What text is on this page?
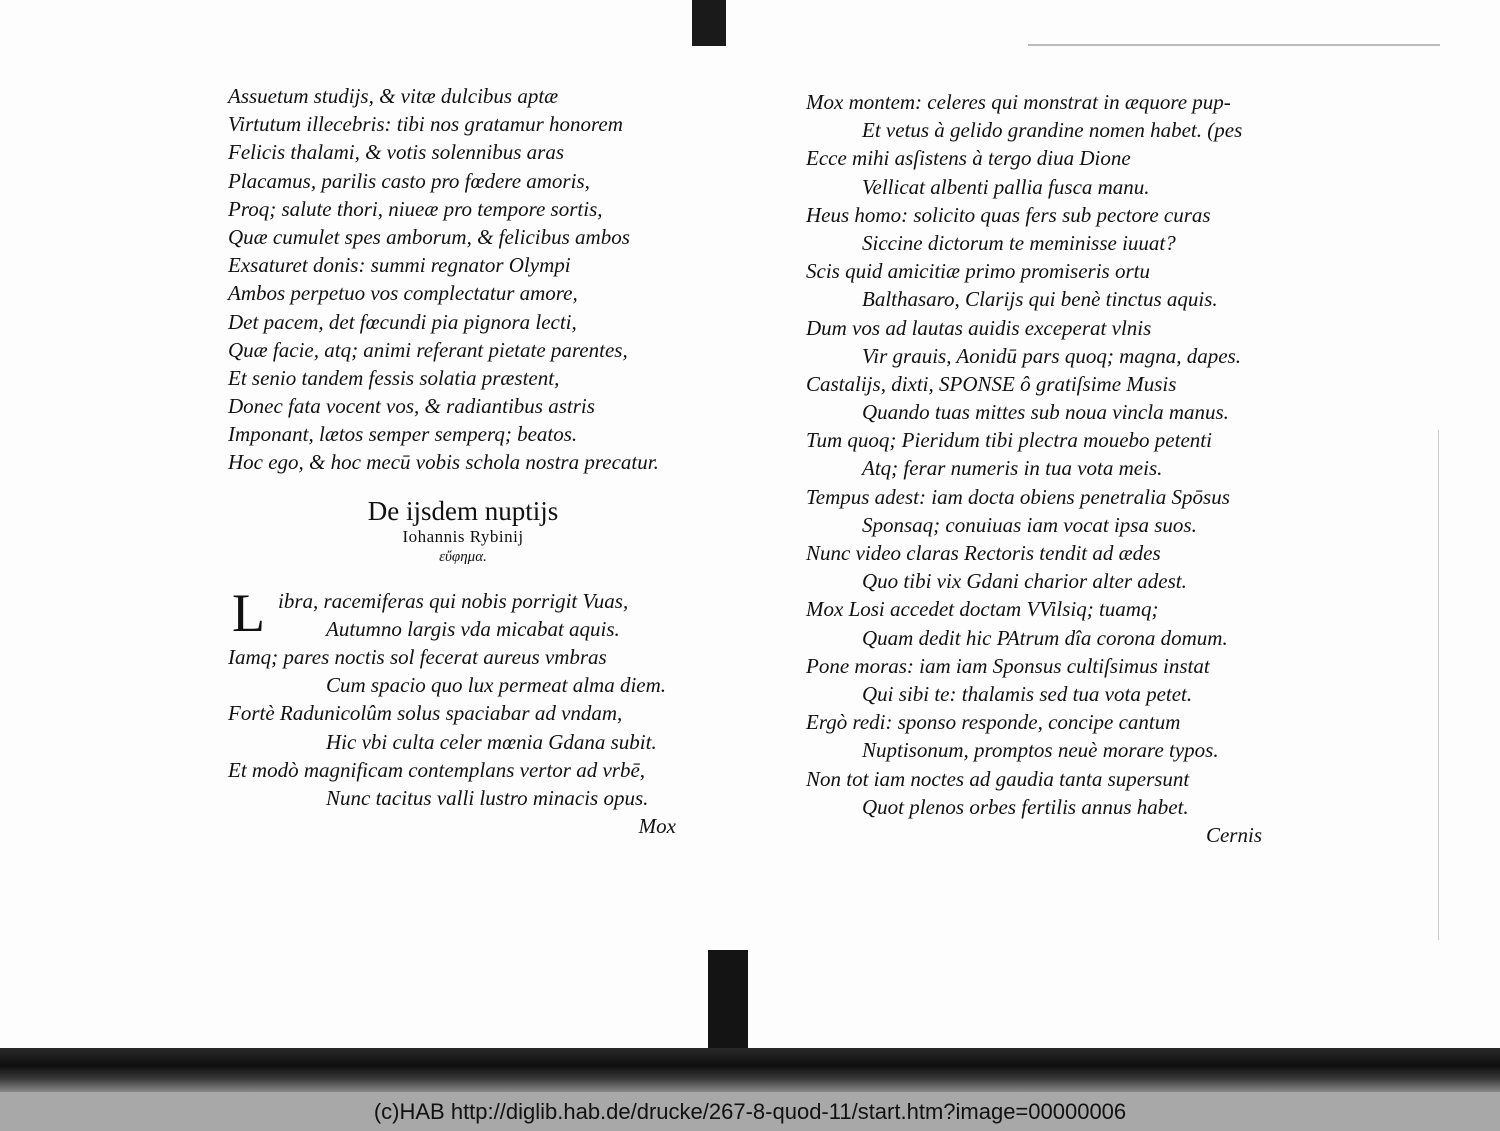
Assuetum studijs, & vitæ dulcibus aptæ
Virtutum illecebris: tibi nos gratamur honorem
Felicis thalami, & votis solennibus aras
Placamus, parilis casto pro fœdere amoris,
Proq; salute thori, niueæ pro tempore sortis,
Quæ cumulet spes amborum, & felicibus ambos
Exsaturet donis: summi regnator Olympi
Ambos perpetuo vos complectatur amore,
Det pacem, det fœcundi pia pignora lecti,
Quæ facie, atq; animi referant pietate parentes,
Et senio tandem fessis solatia præstent,
Donec fata vocent vos, & radiantibus astris
Imponant, lætos semper semperq; beatos.
Hoc ego, & hoc mecū vobis schola nostra precatur.
De ijsdem nuptijs
Iohannis Rybinij
εὔφημα.
L ibra, racemiferas qui nobis porrigit Vuas,
Autumno largis vda micabat aquis.
Iamq; pares noctis sol fecerat aureus vmbras
Cum spacio quo lux permeat alma diem.
Fortè Radunicolûm solus spaciabar ad vndam,
Hic vbi culta celer mœnia Gdana subit.
Et modò magnificam contemplans vertor ad vrbē,
Nunc tacitus valli lustro minacis opus.
Mox
Mox montem: celeres qui monstrat in æquore pup-
Et vetus à gelido grandine nomen habet. (pes
Ecce mihi asſistens à tergo diua Dione
Vellicat albenti pallia fusca manu.
Heus homo: solicito quas fers sub pectore curas
Siccine dictorum te meminisse iuuat?
Scis quid amicitiæ primo promiseris ortu
Balthasaro, Clarijs qui benè tinctus aquis.
Dum vos ad lautas auidis exceperat vlnis
Vir grauis, Aonidū pars quoq; magna, dapes.
Castalijs, dixti, SPONSE ô gratiſsime Musis
Quando tuas mittes sub noua vincla manus.
Tum quoq; Pieridum tibi plectra mouebo petenti
Atq; ferar numeris in tua vota meis.
Tempus adest: iam docta obiens penetralia Spōsus
Sponsaq; conuiuas iam vocat ipsa suos.
Nunc video claras Rectoris tendit ad ædes
Quo tibi vix Gdani charior alter adest.
Mox Losi accedet doctam VVilsiq; tuamq;
Quam dedit hic PAtrum dîa corona domum.
Pone moras: iam iam Sponsus cultiſsimus instat
Qui sibi te: thalamis sed tua vota petet.
Ergò redi: sponso responde, concipe cantum
Nuptisonum, promptos neuè morare typos.
Non tot iam noctes ad gaudia tanta supersunt
Quot plenos orbes fertilis annus habet.
Cernis
(c)HAB http://diglib.hab.de/drucke/267-8-quod-11/start.htm?image=00000006
